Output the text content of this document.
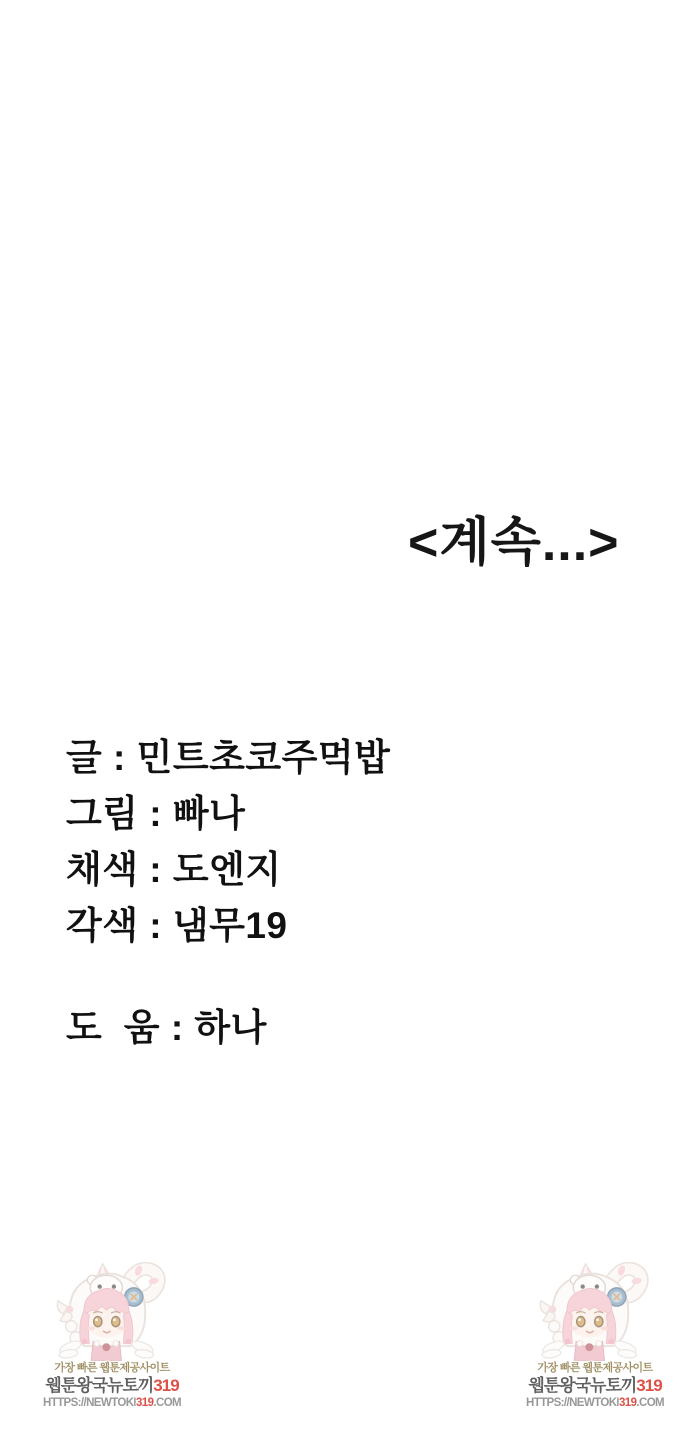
<계속...>
글 : 민트초코주먹밥
그림 : 빠나
채색 : 도엔지
각색 : 냄무19
도  움 : 하나
가장 빠른 웹툰제공사이트
웹툰왕국뉴토끼319
HTTPS://NEWTOKI319.COM
가장 빠른 웹툰제공사이트
웹툰왕국뉴토끼319
HTTPS://NEWTOKI319.COM
